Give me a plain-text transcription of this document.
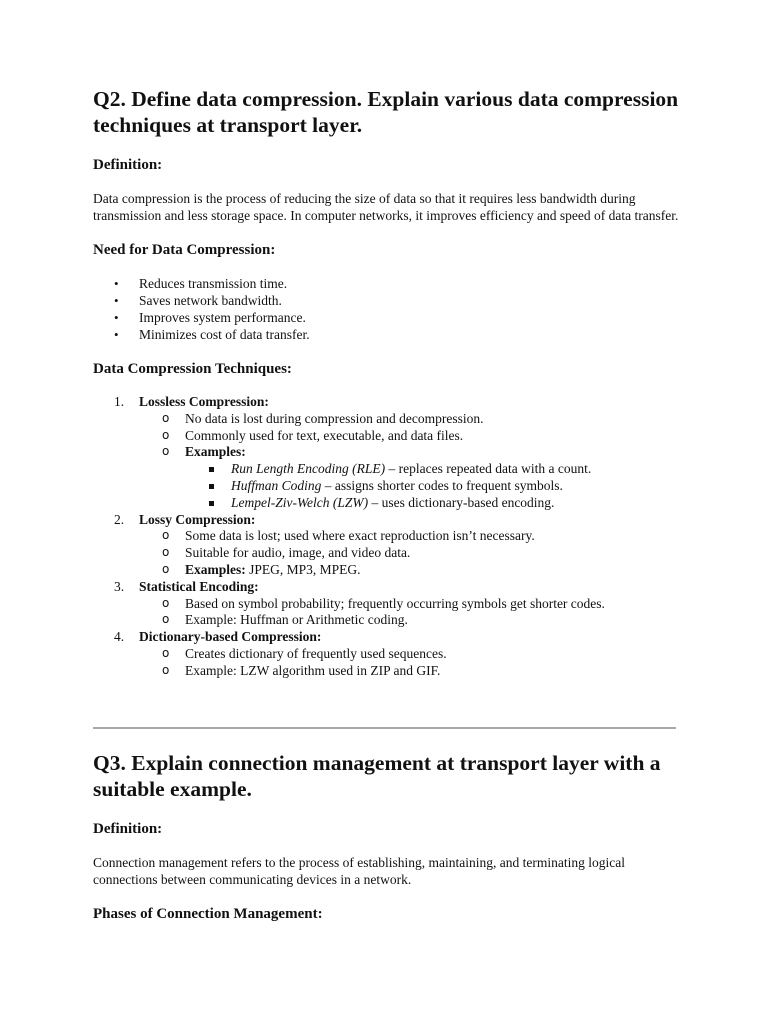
Q2. Define data compression. Explain various data compression techniques at transport layer.
Definition:

Data compression is the process of reducing the size of data so that it requires less bandwidth during transmission and less storage space. In computer networks, it improves efficiency and speed of data transfer.

Need for Data Compression:
• Reduces transmission time.
• Saves network bandwidth.
• Improves system performance.
• Minimizes cost of data transfer.
Data Compression Techniques:
1. Lossless Compression:
o No data is lost during compression and decompression.
o Commonly used for text, executable, and data files.
o Examples:
Run Length Encoding (RLE) – replaces repeated data with a count.
Huffman Coding – assigns shorter codes to frequent symbols.
Lempel-Ziv-Welch (LZW) – uses dictionary-based encoding.
2. Lossy Compression:
o Some data is lost; used where exact reproduction isn’t necessary.
o Suitable for audio, image, and video data.
o Examples: JPEG, MP3, MPEG.
3. Statistical Encoding:
o Based on symbol probability; frequently occurring symbols get shorter codes.
o Example: Huffman or Arithmetic coding.
4. Dictionary-based Compression:
o Creates dictionary of frequently used sequences.
o Example: LZW algorithm used in ZIP and GIF.
Q3. Explain connection management at transport layer with a suitable example.
Definition:

Connection management refers to the process of establishing, maintaining, and terminating logical connections between communicating devices in a network.

Phases of Connection Management:
